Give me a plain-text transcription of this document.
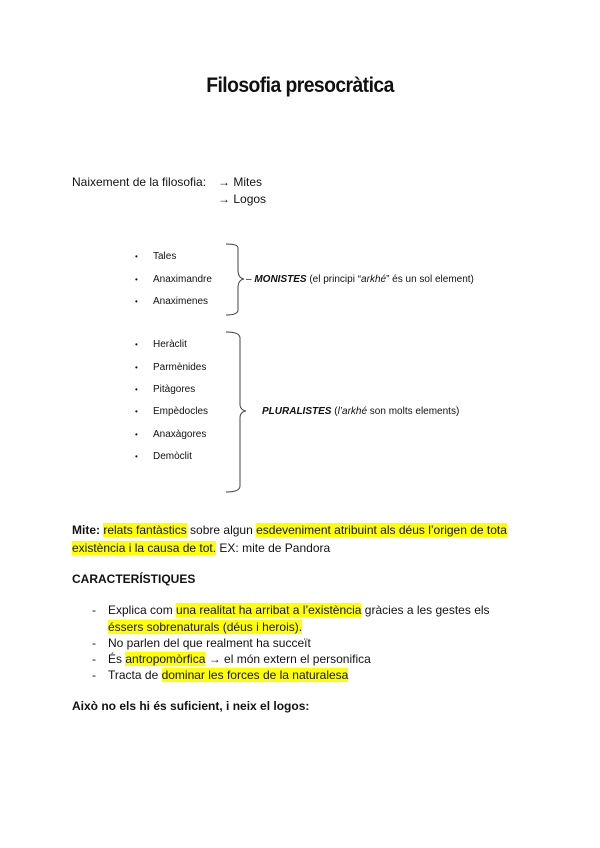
Filosofia presocràtica
Naixement de la filosofia: → Mites
→ Logos
• Tales
• Anaximandre
• Anaximenes
– MONISTES (el principi “arkhé” és un sol element)
• Heràclit
• Parmènides
• Pitàgores
• Empèdocles
• Anaxàgores
• Demòclit
PLURALISTES (l’arkhé son molts elements)
Mite: relats fantàstics sobre algun esdeveniment atribuint als déus l’origen de tota
existència i la causa de tot. EX: mite de Pandora
CARACTERÍSTIQUES
- Explica com una realitat ha arribat a l’existència gràcies a les gestes els
éssers sobrenaturals (déus i herois).
- No parlen del que realment ha succeït
- És antropomòrfica → el món extern el personifica
- Tracta de dominar les forces de la naturalesa
Això no els hi és suficient, i neix el logos:
